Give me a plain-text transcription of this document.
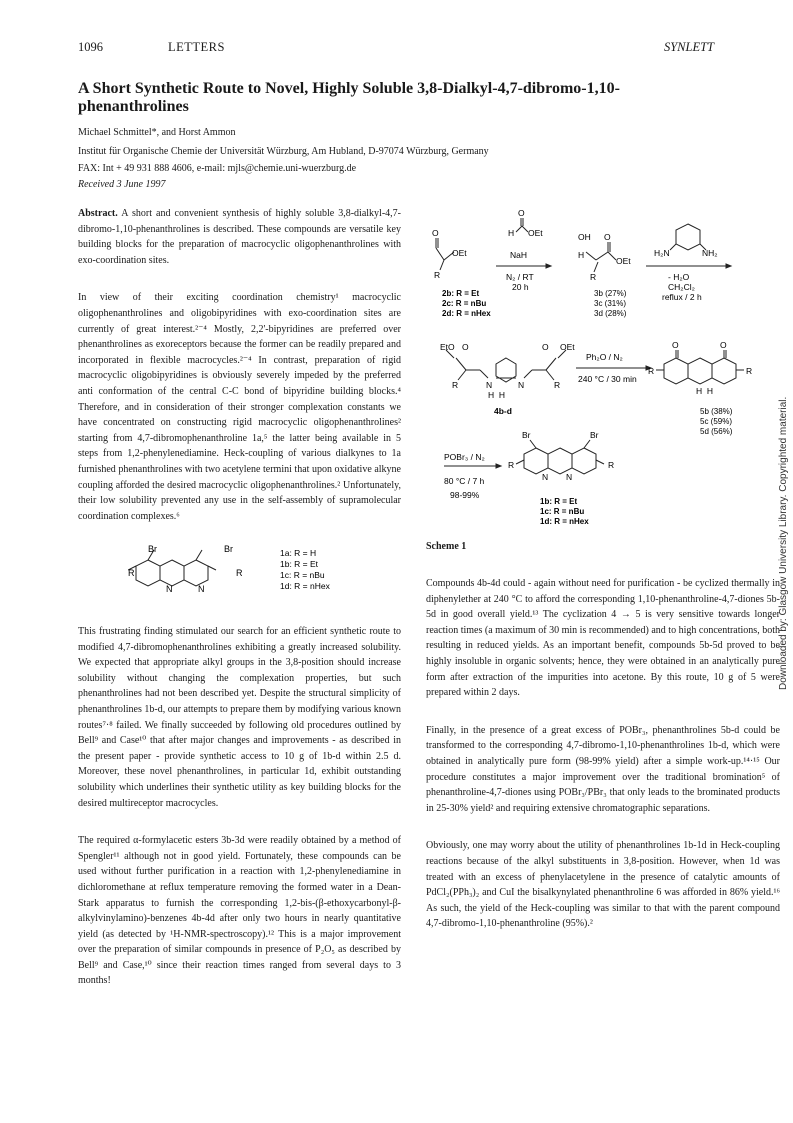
1096	LETTERS	SYNLETT
A Short Synthetic Route to Novel, Highly Soluble 3,8-Dialkyl-4,7-dibromo-1,10-phenanthrolines
Michael Schmittel*, and Horst Ammon
Institut für Organische Chemie der Universität Würzburg, Am Hubland, D-97074 Würzburg, Germany
FAX: Int + 49 931 888 4606, e-mail: mjls@chemie.uni-wuerzburg.de
Received 3 June 1997

Abstract. A short and convenient synthesis of highly soluble 3,8-dialkyl-4,7-dibromo-1,10-phenanthrolines is described. These compounds are versatile key building blocks for the preparation of macrocyclic oligophenanthrolines with exo-coordination sites.

In view of their exciting coordination chemistry¹ macrocyclic oligophenanthrolines and oligobipyridines with exo-coordination sites are currently of great interest.²⁻⁴ Mostly, 2,2'-bipyridines are preferred over phenanthrolines as exoreceptors because the former can be readily prepared and incorporated in flexible macrocycles.²⁻⁴ In contrast, preparation of rigid macrocyclic oligobipyridines is obviously severely impeded by the preferred anti conformation of the central C-C bond of bipyridine building blocks.⁴ Therefore, and in consideration of their stronger complexation constants we have concentrated on constructing rigid macrocyclic oligophenanthrolines² starting from 4,7-dibromophenanthroline 1a,⁵ the latter being available in 5 steps from 1,2-phenylenediamine. Heck-coupling of various dialkynes to 1a furnished phenanthrolines with two acetylene termini that upon oxidative alkyne coupling afforded the desired macrocyclic oligophenanthrolines.² Unfortunately, their low solubility prevented any use in the self-assembly of supramolecular coordination complexes.⁶

Br	Br
R	R
N	N
1a: R = H
1b: R = Et
1c: R = nBu
1d: R = nHex

This frustrating finding stimulated our search for an efficient synthetic route to modified 4,7-dibromophenanthrolines exhibiting a greatly increased solubility. We expected that appropriate alkyl groups in the 3,8-position should increase solubility without changing the complexation properties, but such phenanthrolines had not been described yet. Despite the structural simplicity of phenanthrolines 1b-d, our attempts to prepare them by modifying various known routes⁷·⁸ failed. We finally succeeded by following old procedures outlined by Bell⁹ and Case¹⁰ that after major changes and improvements - as described in the present paper - provide synthetic access to 10 g of 1b-d within 2.5 d. Moreover, these novel phenanthrolines, in particular 1d, exhibit outstanding solubility which underlines their synthetic utility as key building blocks for the desired multireceptor macrocycles.

The required α-formylacetic esters 3b-3d were readily obtained by a method of Spengler¹¹ although not in good yield. Fortunately, these compounds can be used without further purification in a reaction with 1,2-phenylenediamine in dichloromethane at reflux temperature removing the formed water in a Dean-Stark apparatus to furnish the corresponding 1,2-bis-(β-ethoxycarbonyl-β-alkylvinylamino)-benzenes 4b-4d after only two hours in nearly quantitative yield (as detected by ¹H-NMR-spectroscopy).¹² This is a major improvement over the preparation of similar compounds in presence of P₂O₅ as described by Bell⁹ and Case,¹⁰ since their reaction times ranged from several days to 3 months!

O
OEt
R
2b: R = Et
2c: R = nBu
2d: R = nHex
O
H OEt
NaH
N₂ / RT
20 h
OH O
H
OEt
R
3b (27%)
3c (31%)
3d (28%)
H₂N	NH₂
- H₂O
CH₂Cl₂
reflux / 2 h
EtO O	O OEt
R	R
N	N
H  H
4b-d
Ph₂O / N₂
240 °C / 30 min
O	O
R	R
H  H
5b (38%)
5c (59%)
5d (56%)
POBr₃ / N₂
80 °C / 7 h
98-99%
Br	Br
R	R
N N
1b: R = Et
1c: R = nBu
1d: R = nHex
Scheme 1

Compounds 4b-4d could - again without need for purification - be cyclized thermally in diphenylether at 240 °C to afford the corresponding 1,10-phenanthroline-4,7-diones 5b-5d in good overall yield.¹³ The cyclization 4 → 5 is very sensitive towards longer reaction times (a maximum of 30 min is recommended) and to high concentrations, both resulting in reduced yields. As an important benefit, compounds 5b-5d proved to be highly insoluble in organic solvents; hence, they were obtained in an analytically pure form after extraction of the impurities into acetone. By this route, 10 g of 5 were prepared within 2 days.

Finally, in the presence of a great excess of POBr₃, phenanthrolines 5b-d could be transformed to the corresponding 4,7-dibromo-1,10-phenanthrolines 1b-d, which were obtained in analytically pure form (98-99% yield) after a simple work-up.¹⁴·¹⁵ Our procedure constitutes a major improvement over the traditional bromination⁵ of phenanthroline-4,7-diones using POBr₃/PBr₃ that only leads to the brominated products in 25-30% yield² and requiring extensive chromatographic separations.

Obviously, one may worry about the utility of phenanthrolines 1b-1d in Heck-coupling reactions because of the alkyl substituents in 3,8-position. However, when 1d was treated with an excess of phenylacetylene in the presence of catalytic amounts of PdCl₂(PPh₃)₂ and CuI the bisalkynylated phenanthroline 6 was afforded in 86% yield.¹⁶ As such, the yield of the Heck-coupling was similar to that with the parent compound 4,7-dibromo-1,10-phenanthroline (95%).²

Downloaded by: Glasgow University Library. Copyrighted material.
